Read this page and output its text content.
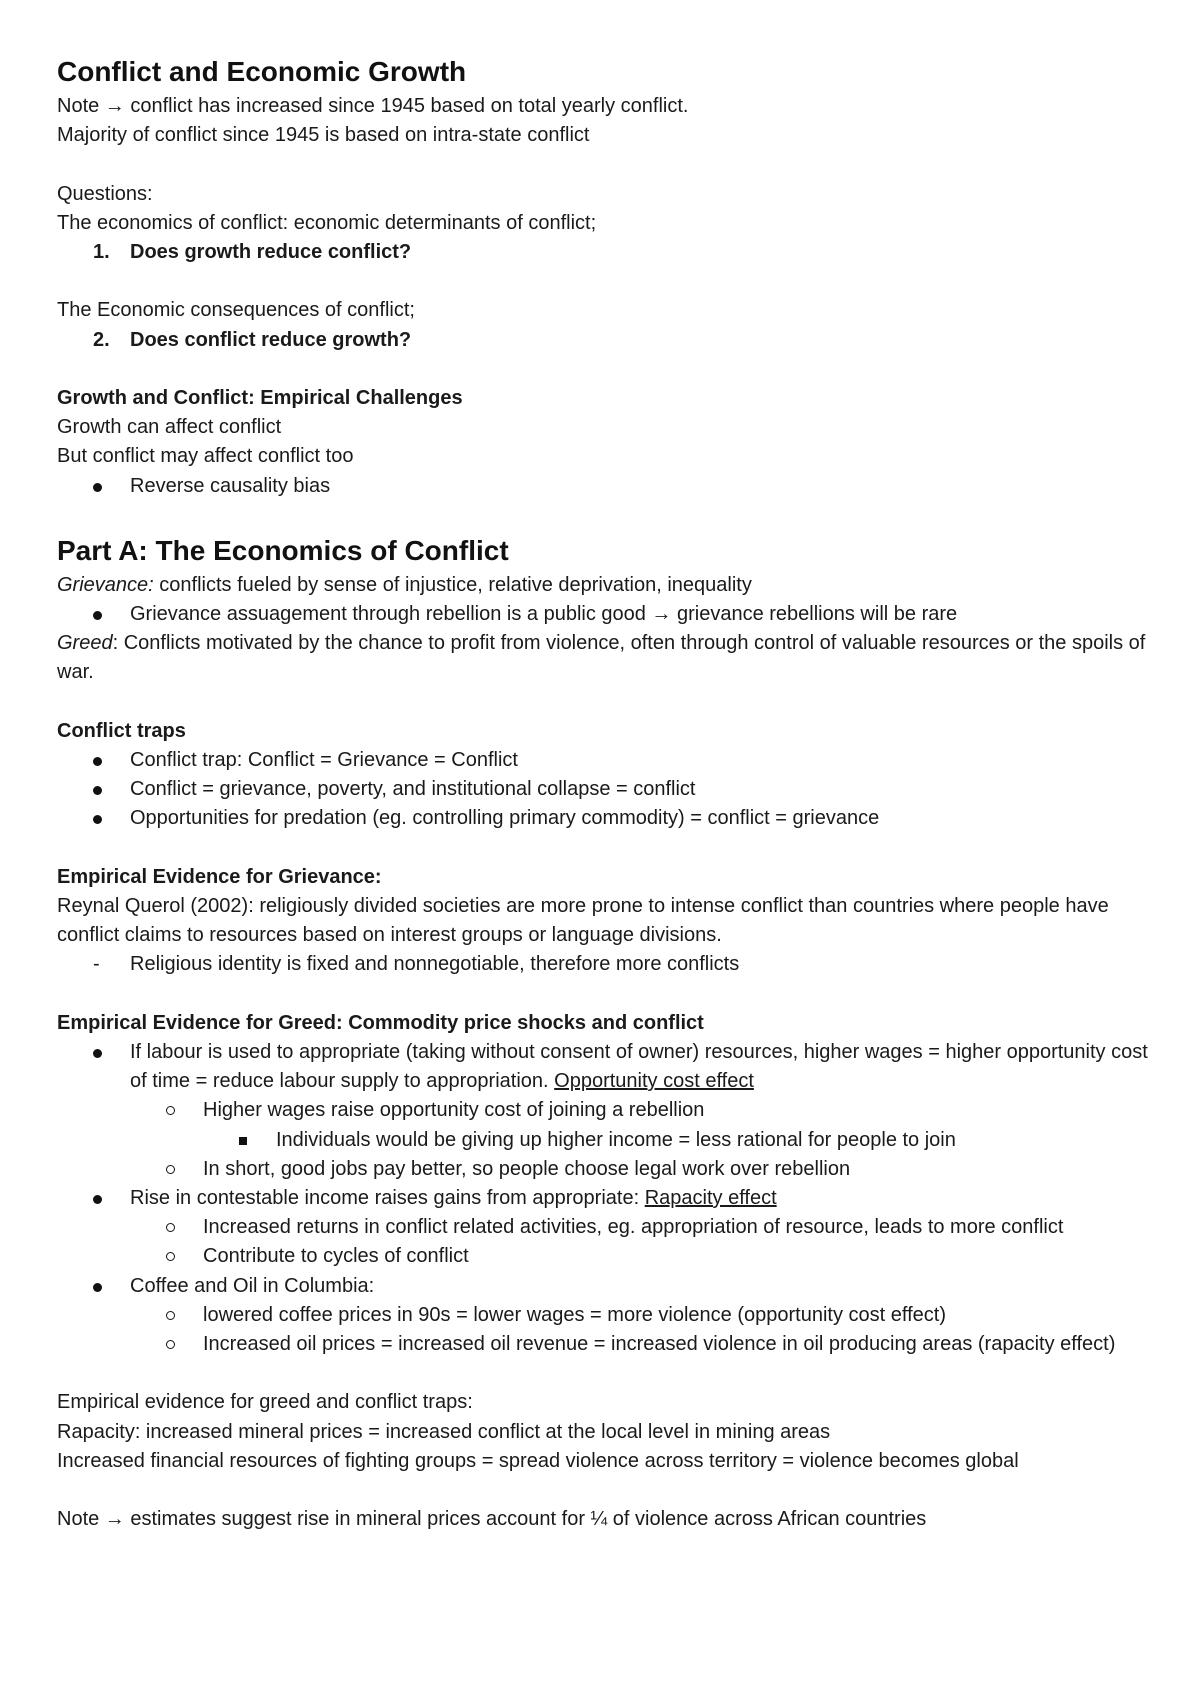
Conflict and Economic Growth

Note → conflict has increased since 1945 based on total yearly conflict.

Majority of conflict since 1945 is based on intra-state conflict

Questions:

The economics of conflict: economic determinants of conflict;

1. Does growth reduce conflict?

The Economic consequences of conflict;

2. Does conflict reduce growth?

Growth and Conflict: Empirical Challenges

Growth can affect conflict

But conflict may affect conflict too

Reverse causality bias
Part A: The Economics of Conflict

Grievance: conflicts fueled by sense of injustice, relative deprivation, inequality

Grievance assuagement through rebellion is a public good → grievance rebellions will be rare

Greed: Conflicts motivated by the chance to profit from violence, often through control of valuable resources or the spoils of war.

Conflict traps

Conflict trap: Conflict = Grievance = Conflict
Conflict = grievance, poverty, and institutional collapse = conflict
Opportunities for predation (eg. controlling primary commodity) = conflict = grievance

Empirical Evidence for Grievance:

Reynal Querol (2002): religiously divided societies are more prone to intense conflict than countries where people have conflict claims to resources based on interest groups or language divisions.

- Religious identity is fixed and nonnegotiable, therefore more conflicts

Empirical Evidence for Greed: Commodity price shocks and conflict

If labour is used to appropriate (taking without consent of owner) resources, higher wages = higher opportunity cost of time = reduce labour supply to appropriation. Opportunity cost effect
Higher wages raise opportunity cost of joining a rebellion
Individuals would be giving up higher income = less rational for people to join
In short, good jobs pay better, so people choose legal work over rebellion
Rise in contestable income raises gains from appropriate: Rapacity effect
Increased returns in conflict related activities, eg. appropriation of resource, leads to more conflict
Contribute to cycles of conflict
Coffee and Oil in Columbia:
lowered coffee prices in 90s = lower wages = more violence (opportunity cost effect)
Increased oil prices = increased oil revenue = increased violence in oil producing areas (rapacity effect)

Empirical evidence for greed and conflict traps:

Rapacity: increased mineral prices = increased conflict at the local level in mining areas

Increased financial resources of fighting groups = spread violence across territory = violence becomes global

Note → estimates suggest rise in mineral prices account for ¼ of violence across African countries
